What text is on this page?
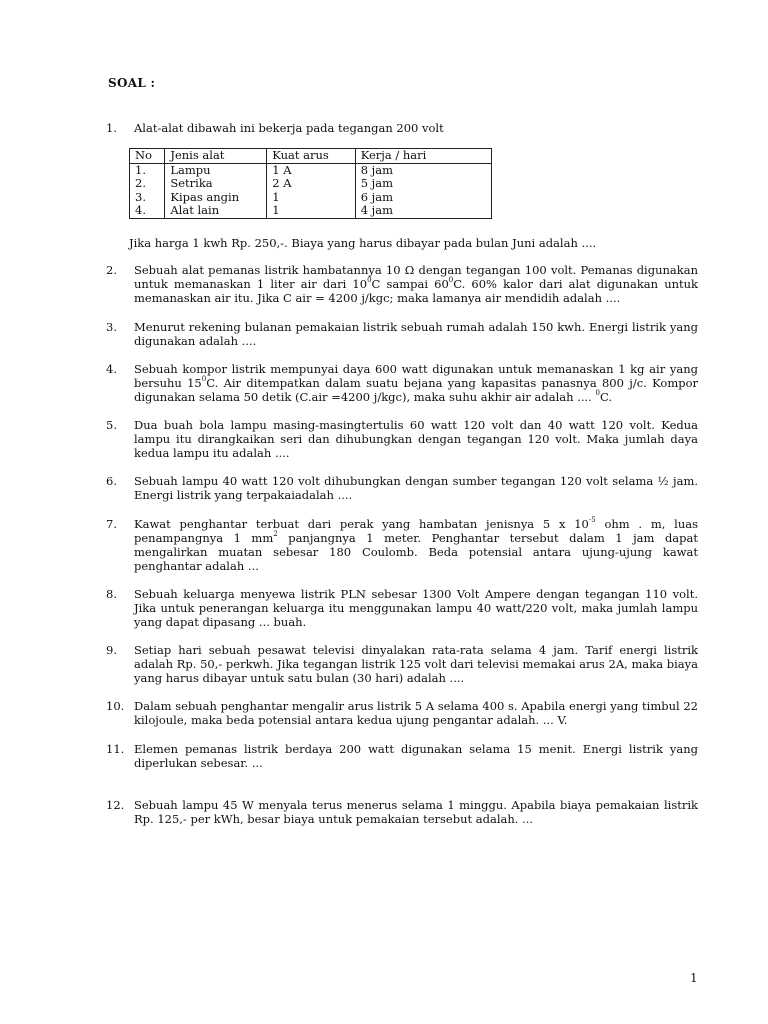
SOAL :
1.	Alat-alat dibawah ini bekerja pada tegangan 200 volt
No	Jenis alat	Kuat arus	Kerja / hari
1.	Lampu	1 A	8 jam
2.	Setrika	2 A	5 jam
3.	Kipas angin	1	6 jam
4.	Alat lain	1	4 jam
Jika harga 1 kwh Rp. 250,-. Biaya yang harus dibayar pada bulan Juni adalah ....
2.	Sebuah alat pemanas listrik hambatannya 10 Ω dengan tegangan 100 volt. Pemanas digunakan untuk memanaskan 1 liter air dari $10^0C$ sampai $60^0C$. 60% kalor dari alat digunakan untuk memanaskan air itu. Jika C air = 4200 j/kgc; maka lamanya air mendidih adalah ....
3.	Menurut rekening bulanan pemakaian listrik sebuah rumah adalah 150 kwh. Energi listrik yang digunakan adalah ....
4.	Sebuah kompor listrik mempunyai daya 600 watt digunakan untuk memanaskan 1 kg air yang bersuhu $15^0C$. Air ditempatkan dalam suatu bejana yang kapasitas panasnya 800 j/c. Kompor digunakan selama 50 detik (C.air =4200 j/kgc), maka suhu akhir air adalah .... $^0$C.
5.	Dua buah bola lampu masing-masingtertulis 60 watt 120 volt dan 40 watt 120 volt. Kedua lampu itu dirangkaikan seri dan dihubungkan dengan tegangan 120 volt. Maka jumlah daya kedua lampu itu adalah ....
6.	Sebuah lampu 40 watt 120 volt dihubungkan dengan sumber tegangan 120 volt selama ½ jam. Energi listrik yang terpakaiadalah ....
7.	Kawat penghantar terbuat dari perak yang hambatan jenisnya 5 x $10^{-5}$ ohm . m, luas penampangnya 1 $mm^2$ panjangnya 1 meter. Penghantar tersebut dalam 1 jam dapat mengalirkan muatan sebesar 180 Coulomb. Beda potensial antara ujung-ujung kawat penghantar adalah ...
8.	Sebuah keluarga menyewa listrik PLN sebesar 1300 Volt Ampere dengan tegangan 110 volt. Jika untuk penerangan keluarga itu menggunakan lampu 40 watt/220 volt, maka jumlah lampu yang dapat dipasang ... buah.
9.	Setiap hari sebuah pesawat televisi dinyalakan rata-rata selama 4 jam. Tarif energi listrik adalah Rp. 50,- perkwh. Jika tegangan listrik 125 volt dari televisi memakai arus 2A, maka biaya yang harus dibayar untuk satu bulan (30 hari) adalah ....
10. Dalam sebuah penghantar mengalir arus listrik 5 A selama 400 s. Apabila energi yang timbul 22 kilojoule, maka beda potensial antara kedua ujung pengantar adalah. ... V.
11. Elemen pemanas listrik berdaya 200 watt digunakan selama 15 menit. Energi listrik yang diperlukan sebesar. ...
12. Sebuah lampu 45 W menyala terus menerus selama 1 minggu. Apabila biaya pemakaian listrik Rp. 125,- per kWh, besar biaya untuk pemakaian tersebut adalah. ...
1
